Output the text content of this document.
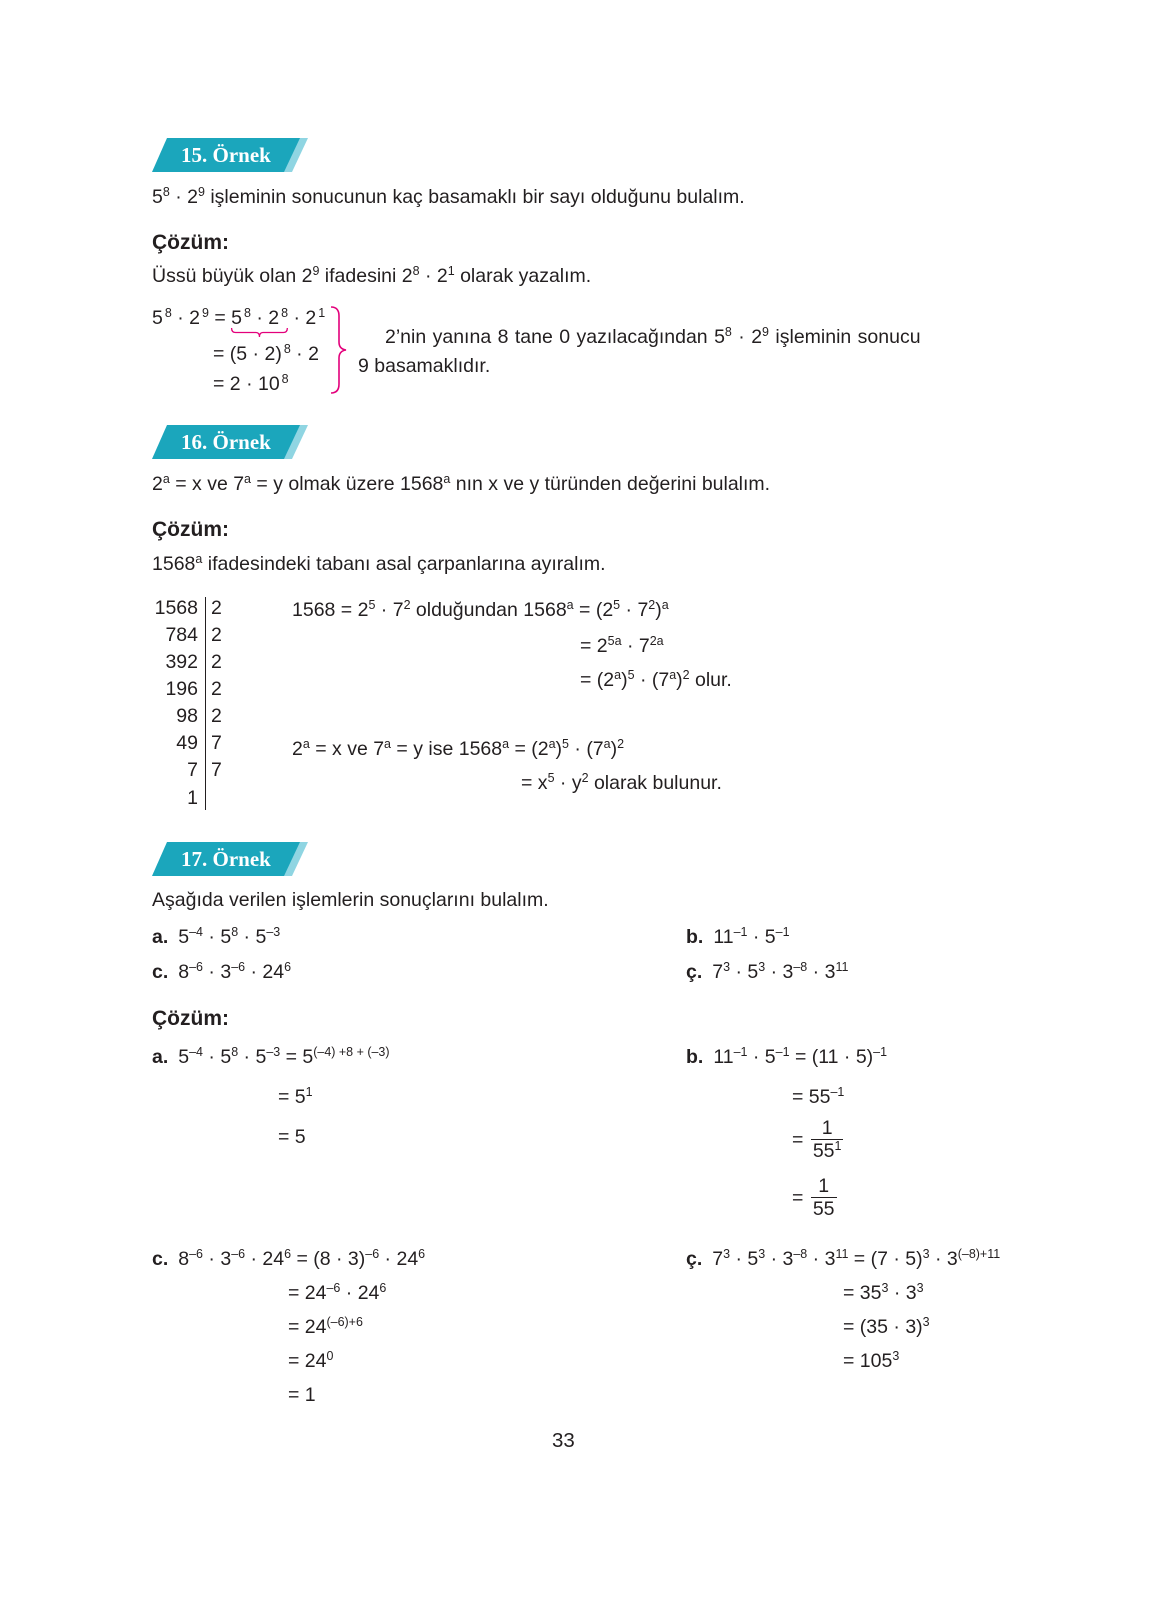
15. Örnek
$5^8 \cdot 2^9$ işleminin sonucunun kaç basamaklı bir sayı olduğunu bulalım.
Çözüm:
Üssü büyük olan $2^9$ ifadesini $2^8 \cdot 2^1$ olarak yazalım.
5 $^8$ · 2 $^9$ = 5 $^8$ · 2 $^8$
· 2 $^1$
= (5 · 2) $^8$ · 2
= 2 · 10 $^8$
2’nin yanına 8 tane 0 yazılacağından $5^8 \cdot 2^9$ işleminin sonucu
9 basamaklıdır.
16. Örnek
$2^a = x$ ve $7^a = y$ olmak üzere 1568$^a$ nın x ve y türünden değerini bulalım.
Çözüm:
1568$^a$ ifadesindeki tabanı asal çarpanlarına ayıralım.
1568
784
392
196
98
49
7
1
2
2
2
2
2
7
7
$1568 = 2^5 \cdot 7^2$ olduğundan $1568^a = (2^5 \cdot 7^2)^a$
= $2^{5a} \cdot 7^{2a}$
= $(2^a)^5 \cdot (7^a)^2$ olur.
$2^a = x$ ve $7^a = y$ ise $1568^a = (2^a)^5 \cdot (7^a)^2$
= $x^5 \cdot y^2$ olarak bulunur.
17. Örnek
Aşağıda verilen işlemlerin sonuçlarını bulalım.
a. $5^{-4} \cdot 5^8 \cdot 5^{-3}$	b. $11^{-1} \cdot 5^{-1}$
c. $8^{-6} \cdot 3^{-6} \cdot 24^6$	ç. $7^3 \cdot 5^3 \cdot 3^{-8} \cdot 3^{11}$
Çözüm:
a. $5^{-4} \cdot 5^8 \cdot 5^{-3} = 5^{(-4) +8 + (-3)}$
= $5^1$
= 5
b. $11^{-1} \cdot 5^{-1} = (11 \cdot 5)^{-1}$
= $55^{-1}$
= $\frac{1}{55^1}$
= $\frac{1}{55}$
c. $8^{-6} \cdot 3^{-6} \cdot 24^6 = (8 \cdot 3)^{-6} \cdot 24^6$
= $24^{-6} \cdot 24^6$
= $24^{(-6)+6}$
= $24^0$
= 1
ç. $7^3 \cdot 5^3 \cdot 3^{-8} \cdot 3^{11} = (7 \cdot 5)^3 \cdot 3^{(-8)+11}$
= $35^3 \cdot 3^3$
= $(35 \cdot 3)^3$
= $105^3$
33
